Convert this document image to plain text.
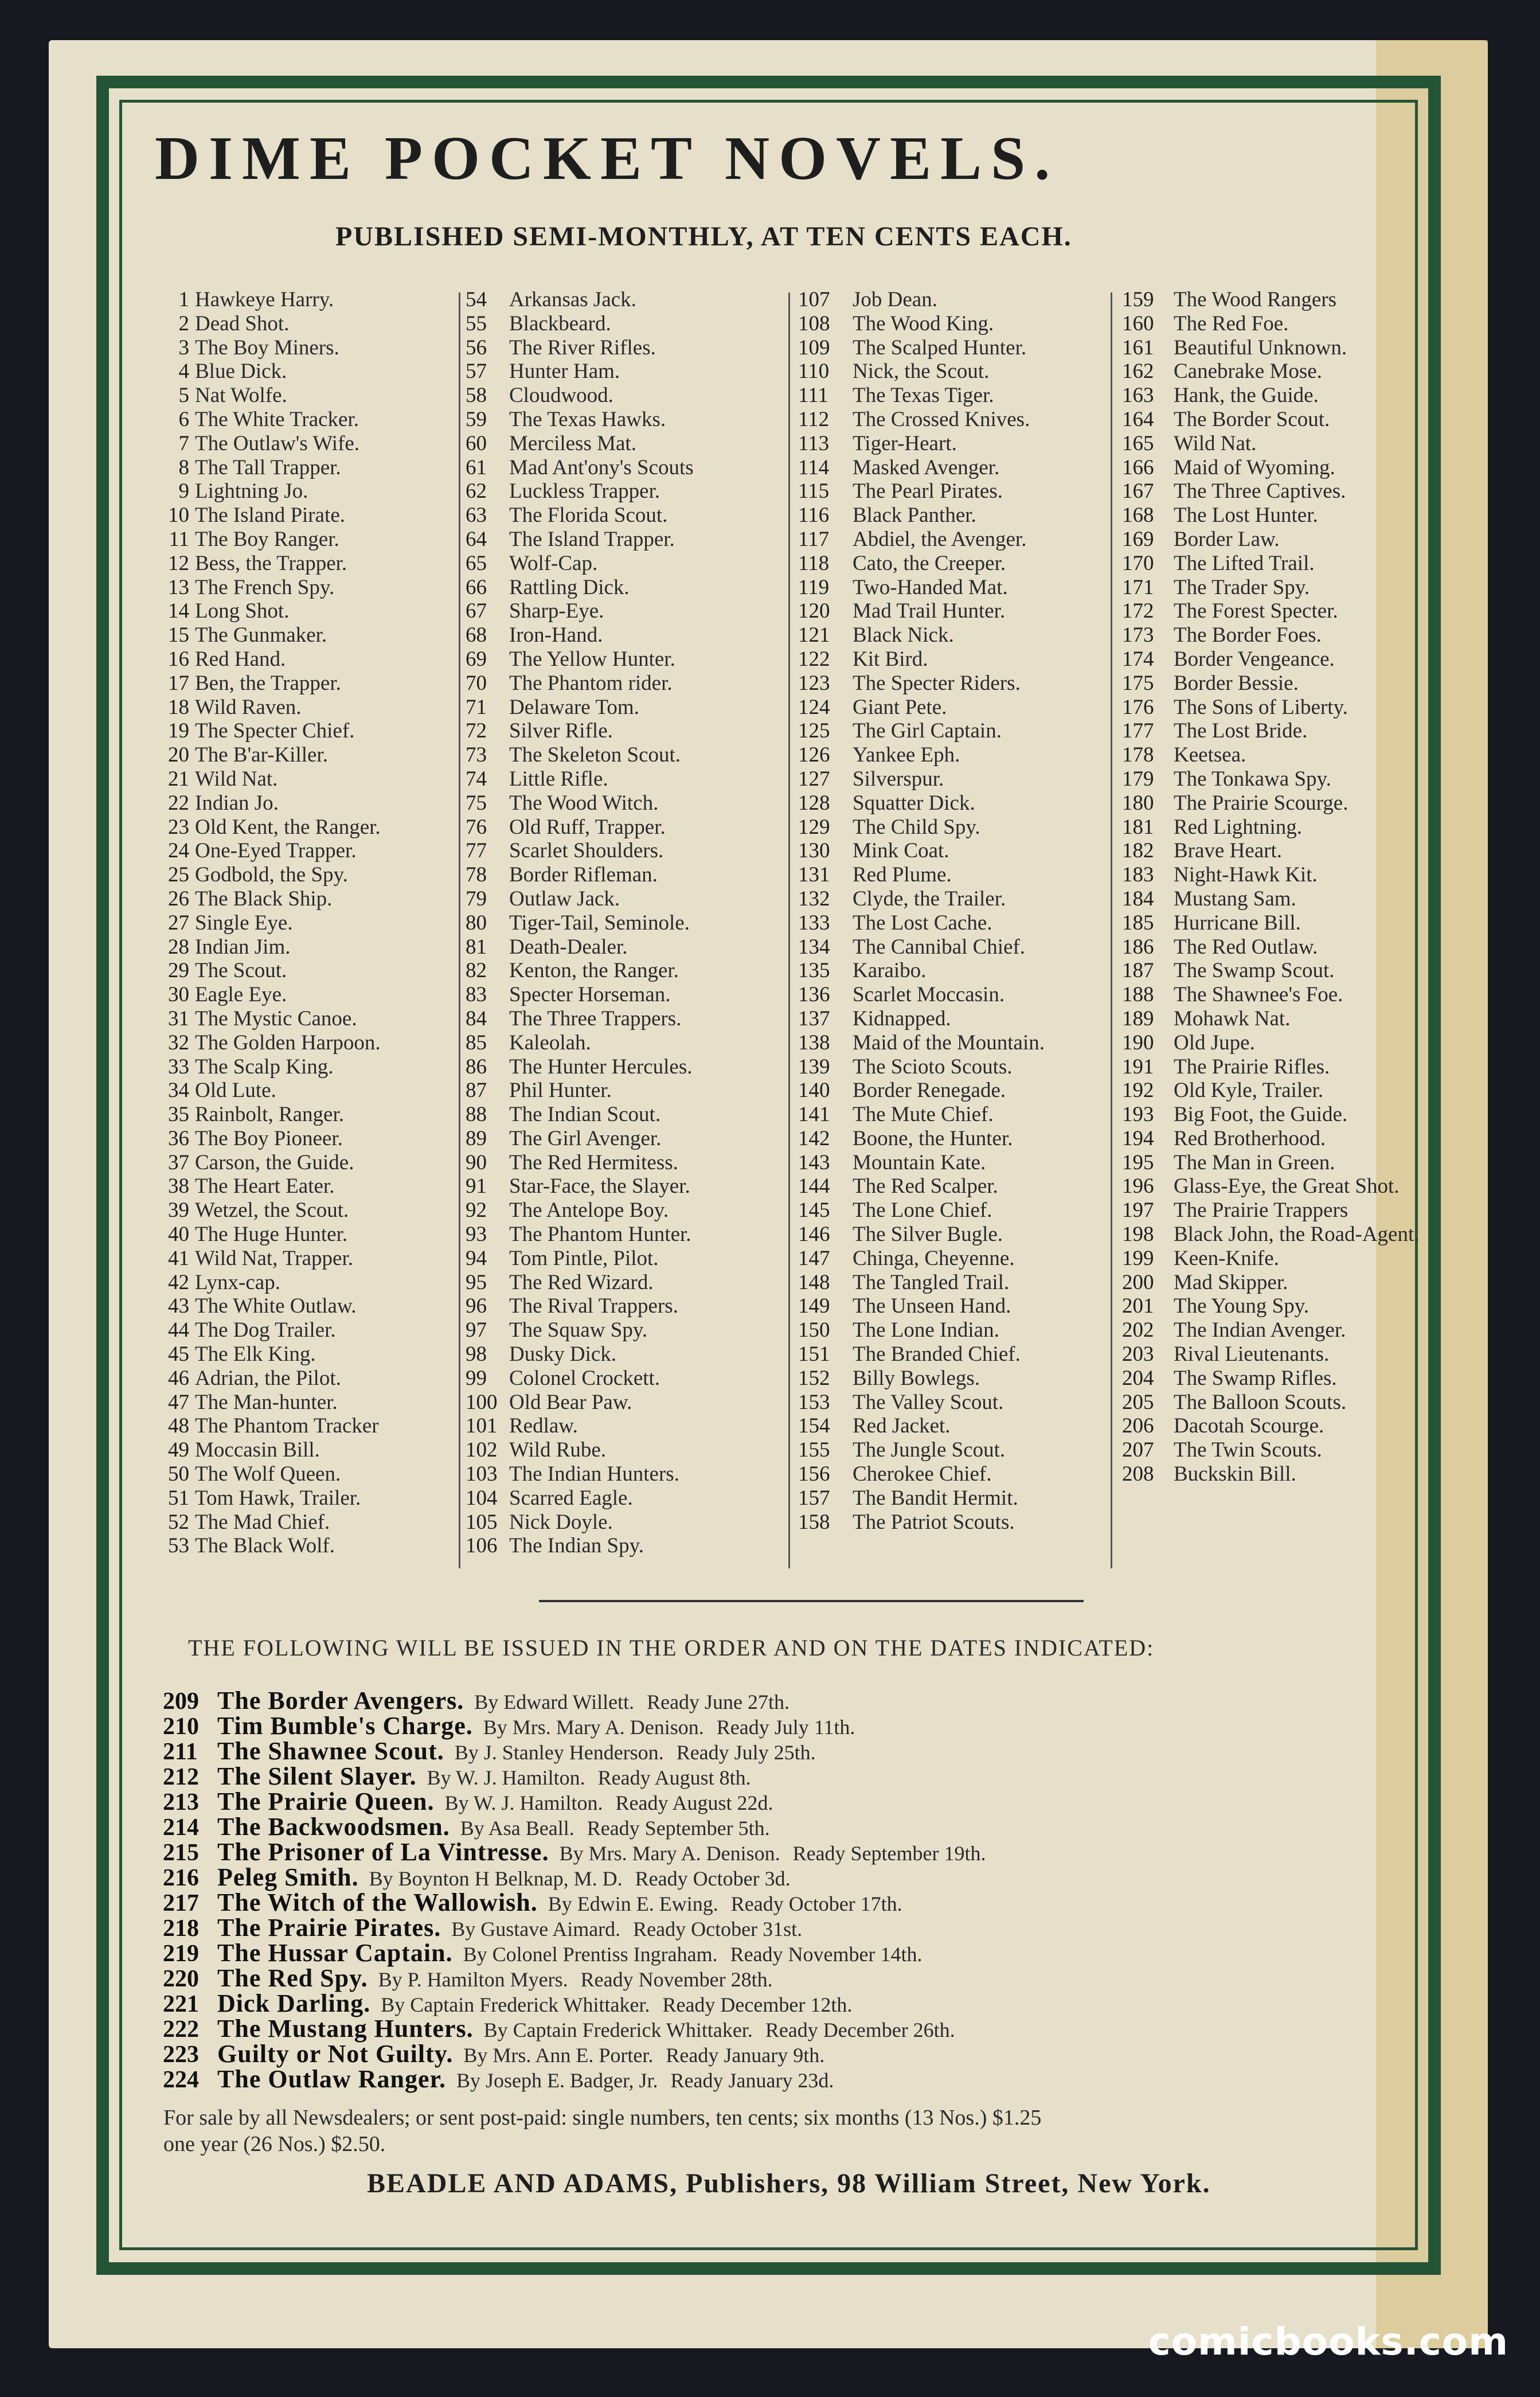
DIME POCKET NOVELS.
PUBLISHED SEMI-MONTHLY, AT TEN CENTS EACH.
1 Hawkeye Harry.
2 Dead Shot.
3 The Boy Miners.
4 Blue Dick.
5 Nat Wolfe.
6 The White Tracker.
7 The Outlaw's Wife.
8 The Tall Trapper.
9 Lightning Jo.
10 The Island Pirate.
11 The Boy Ranger.
12 Bess, the Trapper.
13 The French Spy.
14 Long Shot.
15 The Gunmaker.
16 Red Hand.
17 Ben, the Trapper.
18 Wild Raven.
19 The Specter Chief.
20 The B'ar-Killer.
21 Wild Nat.
22 Indian Jo.
23 Old Kent, the Ranger.
24 One-Eyed Trapper.
25 Godbold, the Spy.
26 The Black Ship.
27 Single Eye.
28 Indian Jim.
29 The Scout.
30 Eagle Eye.
31 The Mystic Canoe.
32 The Golden Harpoon.
33 The Scalp King.
34 Old Lute.
35 Rainbolt, Ranger.
36 The Boy Pioneer.
37 Carson, the Guide.
38 The Heart Eater.
39 Wetzel, the Scout.
40 The Huge Hunter.
41 Wild Nat, Trapper.
42 Lynx-cap.
43 The White Outlaw.
44 The Dog Trailer.
45 The Elk King.
46 Adrian, the Pilot.
47 The Man-hunter.
48 The Phantom Tracker
49 Moccasin Bill.
50 The Wolf Queen.
51 Tom Hawk, Trailer.
52 The Mad Chief.
53 The Black Wolf.
54 Arkansas Jack.
55 Blackbeard.
56 The River Rifles.
57 Hunter Ham.
58 Cloudwood.
59 The Texas Hawks.
60 Merciless Mat.
61 Mad Ant'ony's Scouts
62 Luckless Trapper.
63 The Florida Scout.
64 The Island Trapper.
65 Wolf-Cap.
66 Rattling Dick.
67 Sharp-Eye.
68 Iron-Hand.
69 The Yellow Hunter.
70 The Phantom rider.
71 Delaware Tom.
72 Silver Rifle.
73 The Skeleton Scout.
74 Little Rifle.
75 The Wood Witch.
76 Old Ruff, Trapper.
77 Scarlet Shoulders.
78 Border Rifleman.
79 Outlaw Jack.
80 Tiger-Tail, Seminole.
81 Death-Dealer.
82 Kenton, the Ranger.
83 Specter Horseman.
84 The Three Trappers.
85 Kaleolah.
86 The Hunter Hercules.
87 Phil Hunter.
88 The Indian Scout.
89 The Girl Avenger.
90 The Red Hermitess.
91 Star-Face, the Slayer.
92 The Antelope Boy.
93 The Phantom Hunter.
94 Tom Pintle, Pilot.
95 The Red Wizard.
96 The Rival Trappers.
97 The Squaw Spy.
98 Dusky Dick.
99 Colonel Crockett.
100 Old Bear Paw.
101 Redlaw.
102 Wild Rube.
103 The Indian Hunters.
104 Scarred Eagle.
105 Nick Doyle.
106 The Indian Spy.
107 Job Dean.
108 The Wood King.
109 The Scalped Hunter.
110 Nick, the Scout.
111 The Texas Tiger.
112 The Crossed Knives.
113 Tiger-Heart.
114 Masked Avenger.
115 The Pearl Pirates.
116 Black Panther.
117 Abdiel, the Avenger.
118 Cato, the Creeper.
119 Two-Handed Mat.
120 Mad Trail Hunter.
121 Black Nick.
122 Kit Bird.
123 The Specter Riders.
124 Giant Pete.
125 The Girl Captain.
126 Yankee Eph.
127 Silverspur.
128 Squatter Dick.
129 The Child Spy.
130 Mink Coat.
131 Red Plume.
132 Clyde, the Trailer.
133 The Lost Cache.
134 The Cannibal Chief.
135 Karaibo.
136 Scarlet Moccasin.
137 Kidnapped.
138 Maid of the Mountain.
139 The Scioto Scouts.
140 Border Renegade.
141 The Mute Chief.
142 Boone, the Hunter.
143 Mountain Kate.
144 The Red Scalper.
145 The Lone Chief.
146 The Silver Bugle.
147 Chinga, Cheyenne.
148 The Tangled Trail.
149 The Unseen Hand.
150 The Lone Indian.
151 The Branded Chief.
152 Billy Bowlegs.
153 The Valley Scout.
154 Red Jacket.
155 The Jungle Scout.
156 Cherokee Chief.
157 The Bandit Hermit.
158 The Patriot Scouts.
159 The Wood Rangers
160 The Red Foe.
161 Beautiful Unknown.
162 Canebrake Mose.
163 Hank, the Guide.
164 The Border Scout.
165 Wild Nat.
166 Maid of Wyoming.
167 The Three Captives.
168 The Lost Hunter.
169 Border Law.
170 The Lifted Trail.
171 The Trader Spy.
172 The Forest Specter.
173 The Border Foes.
174 Border Vengeance.
175 Border Bessie.
176 The Sons of Liberty.
177 The Lost Bride.
178 Keetsea.
179 The Tonkawa Spy.
180 The Prairie Scourge.
181 Red Lightning.
182 Brave Heart.
183 Night-Hawk Kit.
184 Mustang Sam.
185 Hurricane Bill.
186 The Red Outlaw.
187 The Swamp Scout.
188 The Shawnee's Foe.
189 Mohawk Nat.
190 Old Jupe.
191 The Prairie Rifles.
192 Old Kyle, Trailer.
193 Big Foot, the Guide.
194 Red Brotherhood.
195 The Man in Green.
196 Glass-Eye, the Great Shot.
197 The Prairie Trappers
198 Black John, the Road-Agent.
199 Keen-Knife.
200 Mad Skipper.
201 The Young Spy.
202 The Indian Avenger.
203 Rival Lieutenants.
204 The Swamp Rifles.
205 The Balloon Scouts.
206 Dacotah Scourge.
207 The Twin Scouts.
208 Buckskin Bill.
THE FOLLOWING WILL BE ISSUED IN THE ORDER AND ON THE DATES INDICATED:
209 The Border Avengers. By Edward Willett. Ready June 27th.
210 Tim Bumble's Charge. By Mrs. Mary A. Denison. Ready July 11th.
211 The Shawnee Scout. By J. Stanley Henderson. Ready July 25th.
212 The Silent Slayer. By W. J. Hamilton. Ready August 8th.
213 The Prairie Queen. By W. J. Hamilton. Ready August 22d.
214 The Backwoodsmen. By Asa Beall. Ready September 5th.
215 The Prisoner of La Vintresse. By Mrs. Mary A. Denison. Ready September 19th.
216 Peleg Smith. By Boynton H Belknap, M. D. Ready October 3d.
217 The Witch of the Wallowish. By Edwin E. Ewing. Ready October 17th.
218 The Prairie Pirates. By Gustave Aimard. Ready October 31st.
219 The Hussar Captain. By Colonel Prentiss Ingraham. Ready November 14th.
220 The Red Spy. By P. Hamilton Myers. Ready November 28th.
221 Dick Darling. By Captain Frederick Whittaker. Ready December 12th.
222 The Mustang Hunters. By Captain Frederick Whittaker. Ready December 26th.
223 Guilty or Not Guilty. By Mrs. Ann E. Porter. Ready January 9th.
224 The Outlaw Ranger. By Joseph E. Badger, Jr. Ready January 23d.
For sale by all Newsdealers; or sent post-paid: single numbers, ten cents; six months (13 Nos.) $1.25
one year (26 Nos.) $2.50.
BEADLE AND ADAMS, Publishers, 98 William Street, New York.
comicbooks.com
